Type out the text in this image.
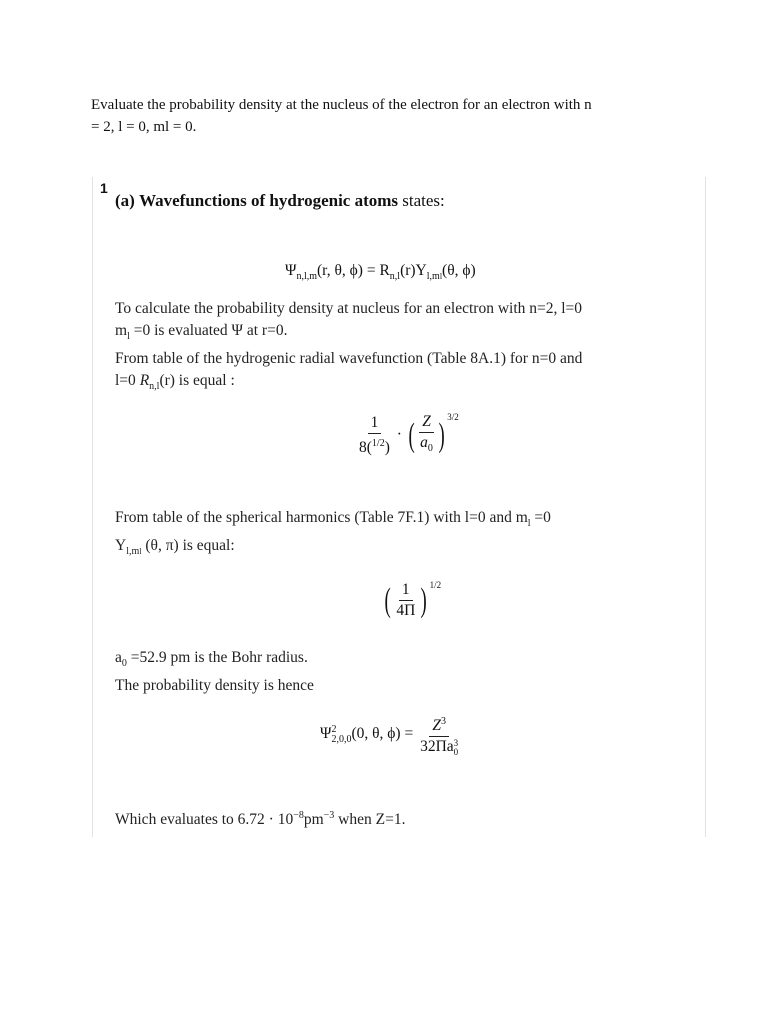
Evaluate the probability density at the nucleus of the electron for an electron with n
= 2, l = 0, ml = 0.
1
(a) Wavefunctions of hydrogenic atoms states:
$\Psi_{n,l,m}(r$, θ, $\phi) = R_{n,l}(r)Y_{l,ml}(\theta$, ϕ)
To calculate the probability density at nucleus for an electron with n=2, l=0
$m_l =0$ is evaluated Ψ at r=0.
From table of the hydrogenic radial wavefunction (Table 8A.1) for n=0 and
l=0 $R_{n,l}(r)$ is equal :
$\frac{1}{8(^{1/2})}$ · ( $\frac{Z}{a_0}$ ) $^{3/2}$
From table of the spherical harmonics (Table 7F.1) with l=0 and $m_l =0$
$Y_{l,ml}$ (θ, π) is equal:
( $\frac{1}{4\Pi}$ ) $^{1/2}$
$a_0 =52.9$ pm is the Bohr radius.
The probability density is hence
Ψ 2
2,0,0 (0, θ, $\phi) = Z^3$
32Πa 3
0
Which evaluates to $6.72 \cdot 10^{-8}pm^{-3}$ when Z=1.
